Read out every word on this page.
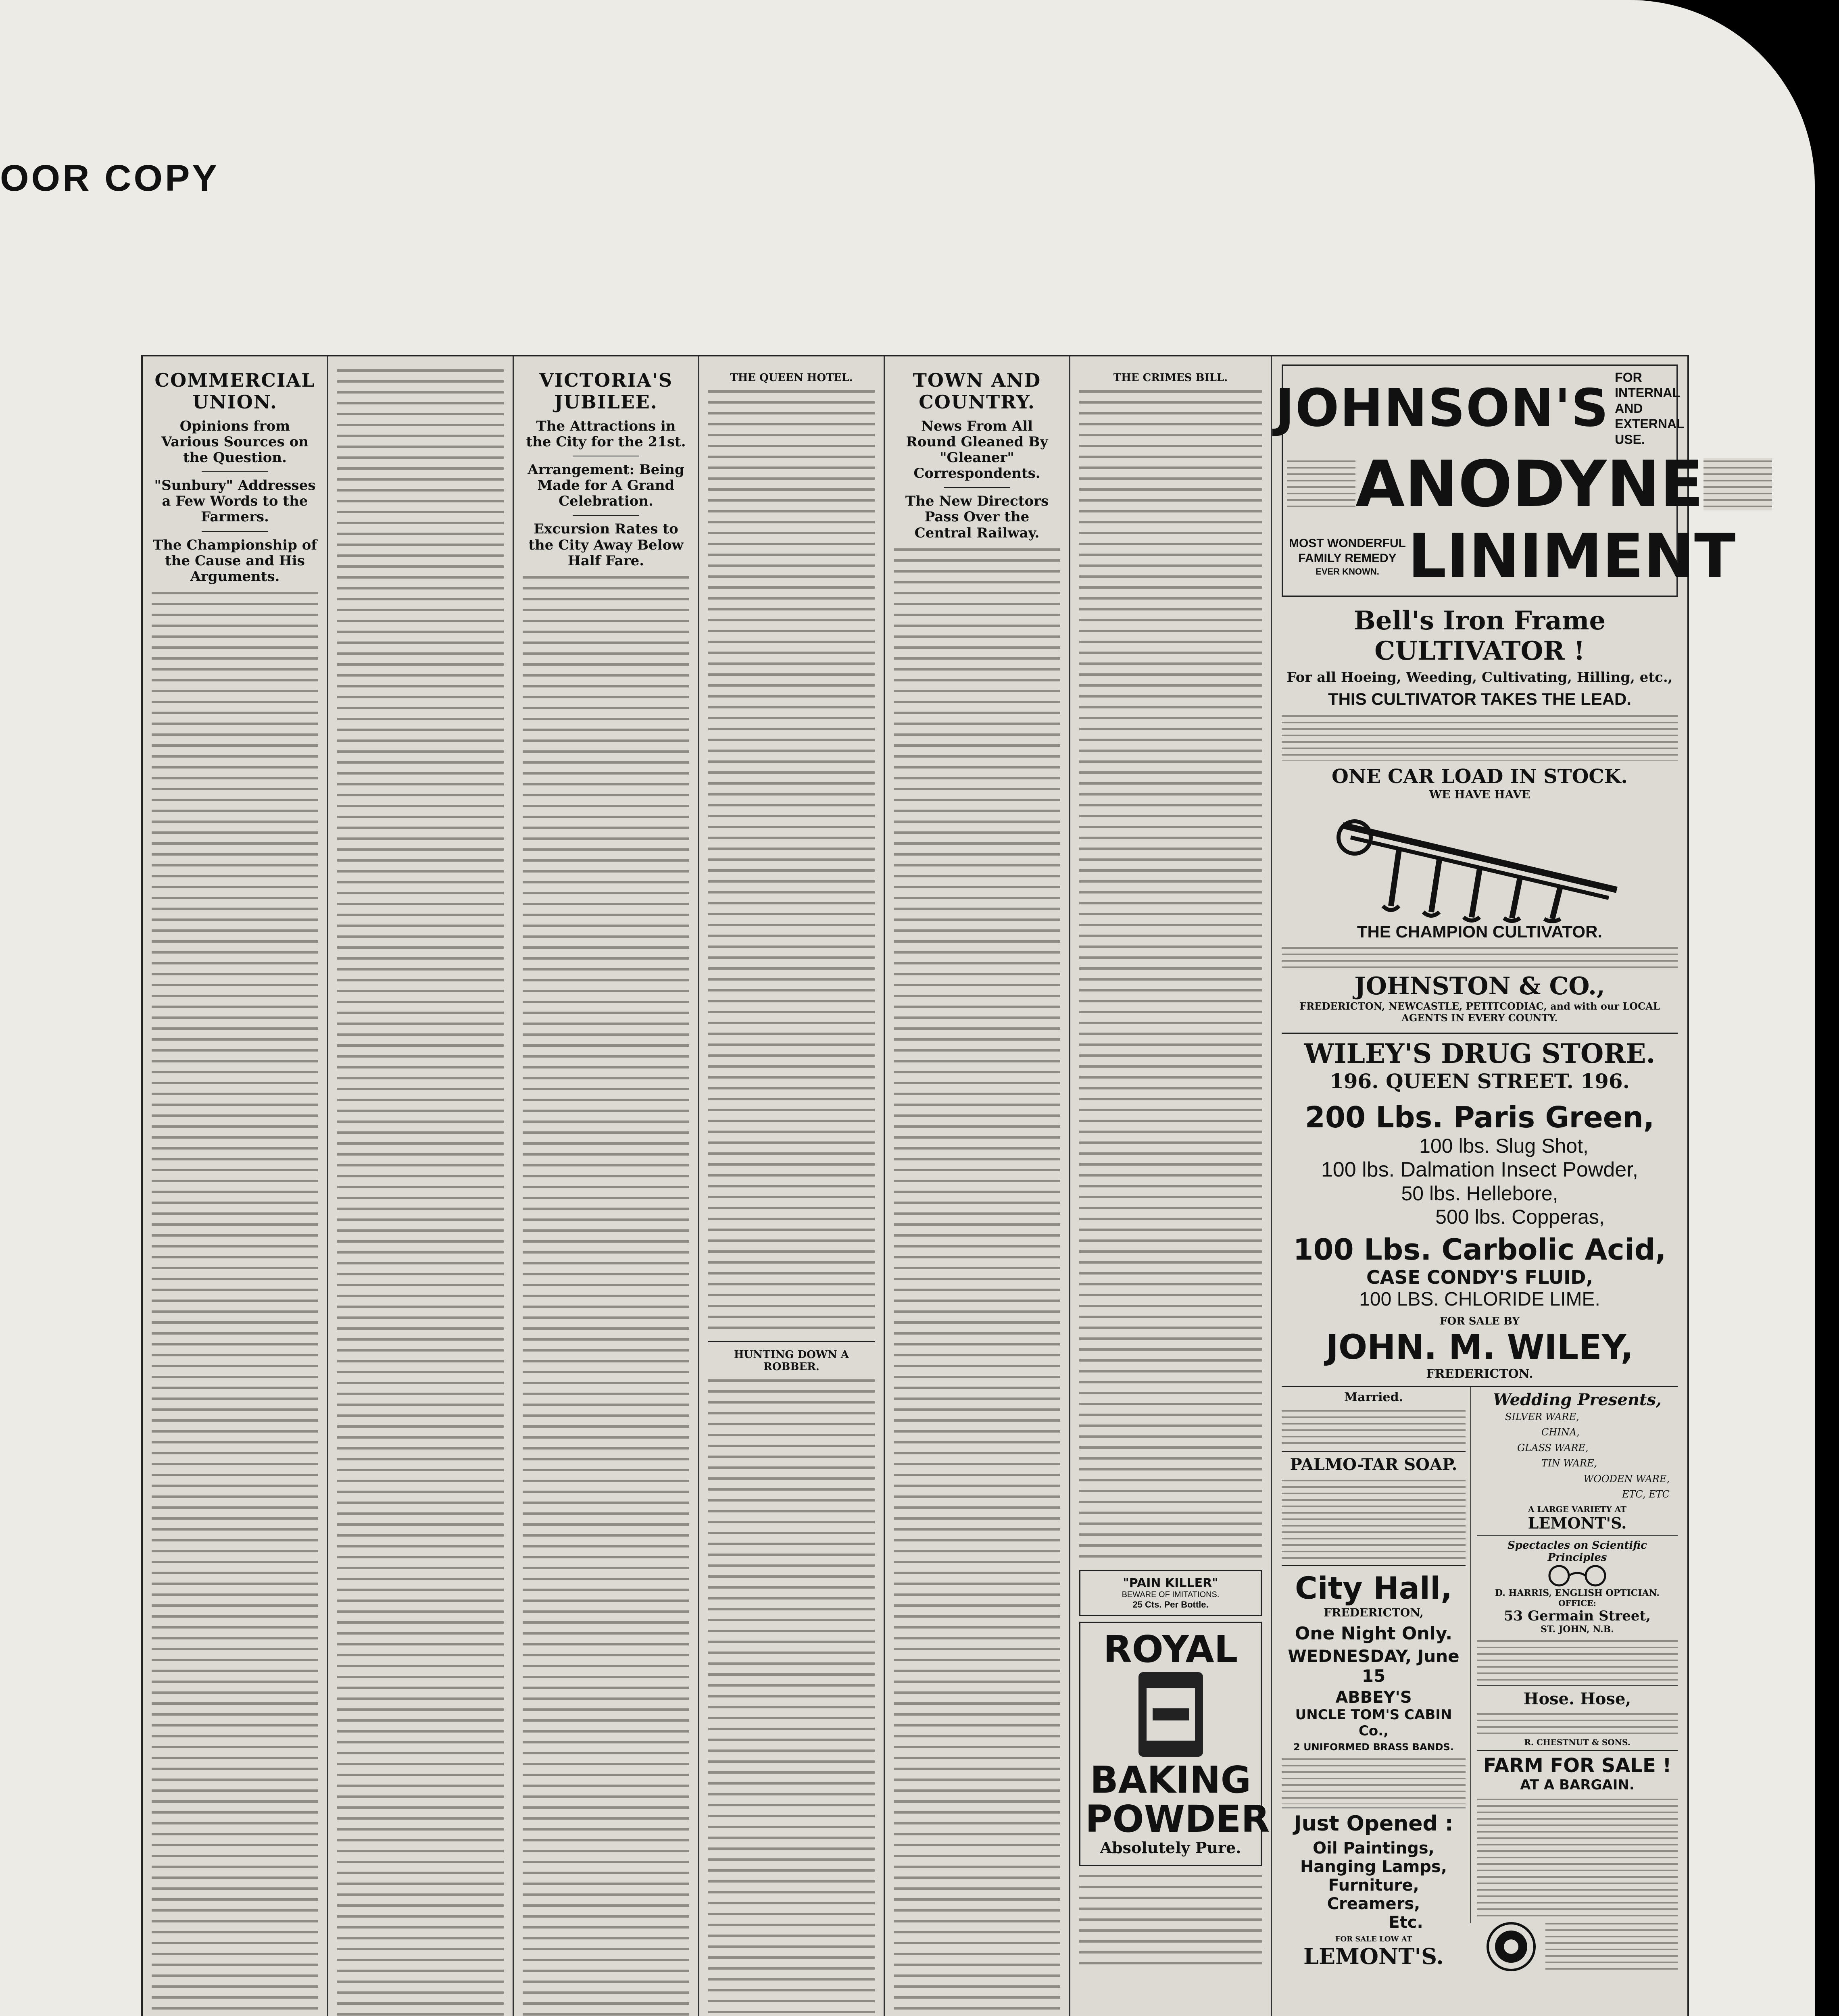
OOR COPY
COMMERCIAL UNION.
Opinions from Various Sources on the Question.
"Sunbury" Addresses a Few Words to the Farmers.
The Championship of the Cause and His Arguments.
VICTORIA'S JUBILEE.
The Attractions in the City for the 21st.
Arrangement: Being Made for A Grand Celebration.
Excursion Rates to the City Away Below Half Fare.
THE QUEEN HOTEL.
HUNTING DOWN A ROBBER.
TOWN AND COUNTRY.
News From All Round Gleaned By "Gleaner" Correspondents.
The New Directors Pass Over the Central Railway.
THE CRIMES BILL.
"PAIN KILLER"
BEWARE OF IMITATIONS.
25 Cts. Per Bottle.
ROYAL
BAKING
POWDER
Absolutely Pure.
JOHNSON'S
FOR INTERNAL
AND
EXTERNAL USE.
ANODYNE
MOST WONDERFUL
FAMILY REMEDY
EVER KNOWN. LINIMENT
Bell's Iron Frame CULTIVATOR !
For all Hoeing, Weeding, Cultivating, Hilling, etc.,
THIS CULTIVATOR TAKES THE LEAD.
ONE CAR LOAD IN STOCK.
WE HAVE HAVE
THE CHAMPION CULTIVATOR.
JOHNSTON & CO.,
FREDERICTON, NEWCASTLE, PETITCODIAC, and with our LOCAL AGENTS IN EVERY COUNTY.
WILEY'S DRUG STORE.
196. QUEEN STREET. 196.
200 Lbs. Paris Green,
100 lbs. Slug Shot,
100 lbs. Dalmation Insect Powder,
50 lbs. Hellebore,
500 lbs. Copperas,
100 Lbs. Carbolic Acid,
CASE CONDY'S FLUID,
100 LBS. CHLORIDE LIME.
FOR SALE BY
JOHN. M. WILEY,
FREDERICTON.
Married.
PALMO-TAR SOAP.
City Hall,
FREDERICTON,
One Night Only.
WEDNESDAY, June 15
ABBEY'S
UNCLE TOM'S CABIN Co.,
2 UNIFORMED BRASS BANDS.
Just Opened :
Oil Paintings,
Hanging Lamps,
Furniture,
Creamers,
Etc.
FOR SALE LOW AT
LEMONT'S.
Wedding Presents,
SILVER WARE,
CHINA,
GLASS WARE,
TIN WARE,
WOODEN WARE,
ETC, ETC
A LARGE VARIETY AT
LEMONT'S.
Spectacles on Scientific Principles
D. HARRIS, ENGLISH OPTICIAN.
OFFICE:
53 Germain Street,
ST. JOHN, N.B.
Hose. Hose,
R. CHESTNUT & SONS.
FARM FOR SALE !
AT A BARGAIN.
